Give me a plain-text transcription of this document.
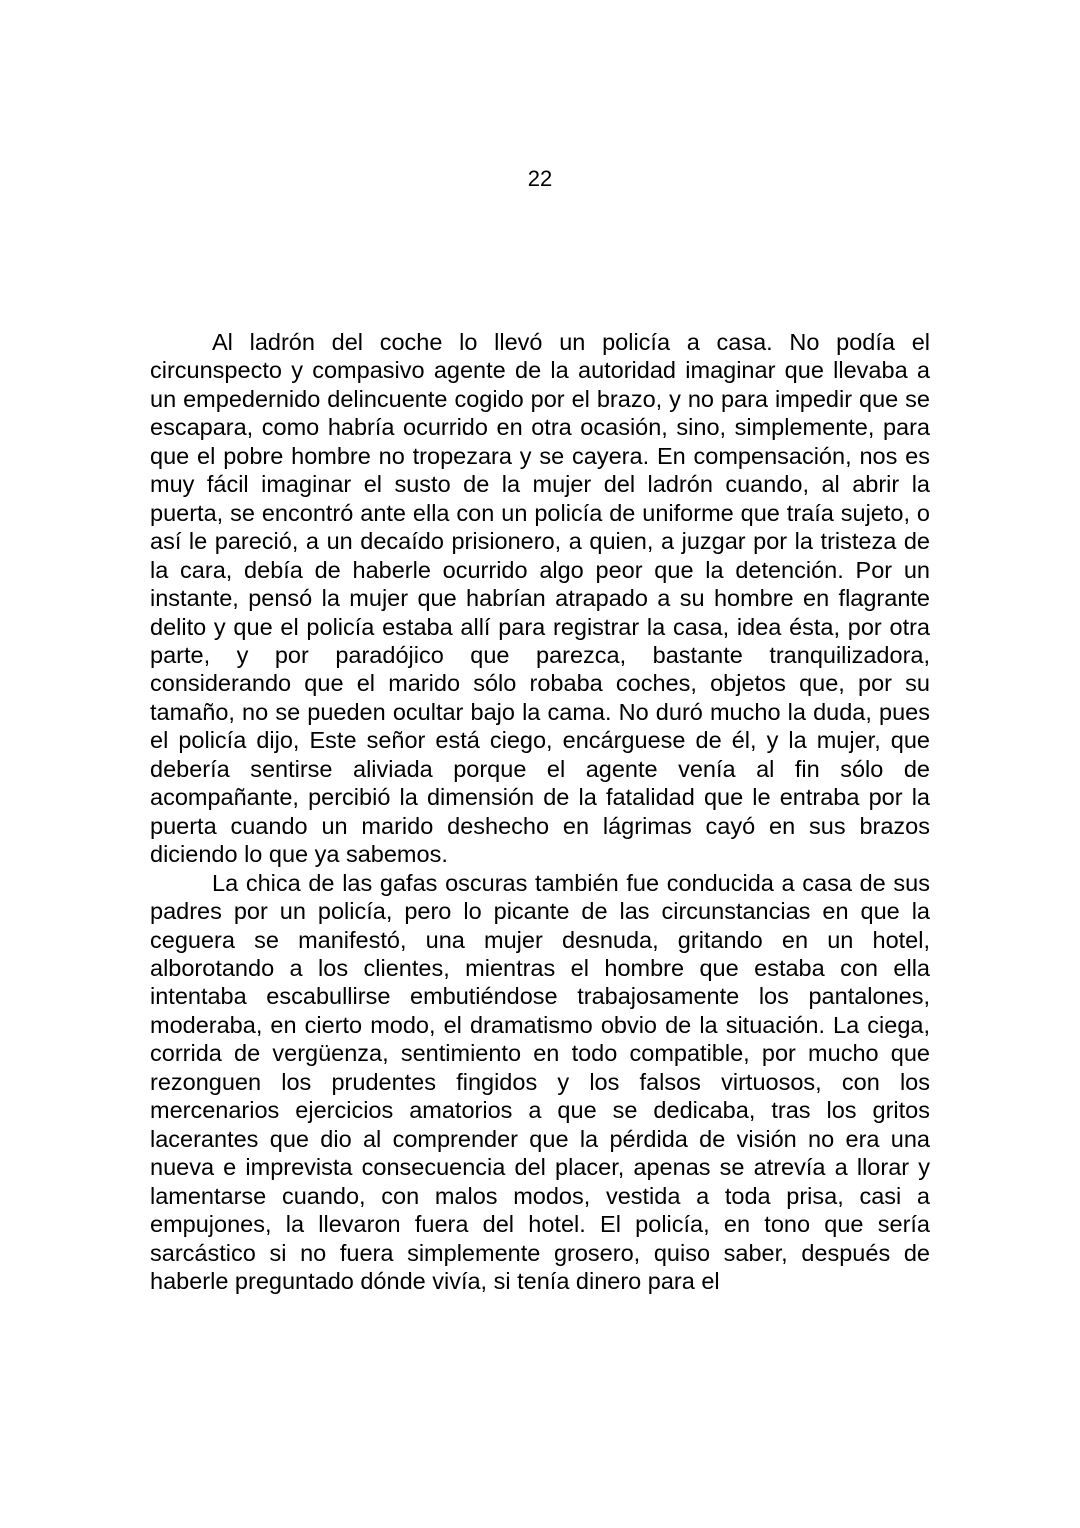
22

Al ladrón del coche lo llevó un policía a casa. No podía el circunspecto y compasivo agente de la autoridad imaginar que llevaba a un empedernido delincuente cogido por el brazo, y no para impedir que se escapara, como habría ocurrido en otra ocasión, sino, simplemente, para que el pobre hombre no tropezara y se cayera. En compensación, nos es muy fácil imaginar el susto de la mujer del ladrón cuando, al abrir la puerta, se encontró ante ella con un policía de uniforme que traía sujeto, o así le pareció, a un decaído prisionero, a quien, a juzgar por la tristeza de la cara, debía de haberle ocurrido algo peor que la detención. Por un instante, pensó la mujer que habrían atrapado a su hombre en flagrante delito y que el policía estaba allí para registrar la casa, idea ésta, por otra parte, y por paradójico que parezca, bastante tranquilizadora, considerando que el marido sólo robaba coches, objetos que, por su tamaño, no se pueden ocultar bajo la cama. No duró mucho la duda, pues el policía dijo, Este señor está ciego, encárguese de él, y la mujer, que debería sentirse aliviada porque el agente venía al fin sólo de acompañante, percibió la dimensión de la fatalidad que le entraba por la puerta cuando un marido deshecho en lágrimas cayó en sus brazos diciendo lo que ya sabemos.

La chica de las gafas oscuras también fue conducida a casa de sus padres por un policía, pero lo picante de las circunstancias en que la ceguera se manifestó, una mujer desnuda, gritando en un hotel, alborotando a los clientes, mientras el hombre que estaba con ella intentaba escabullirse embutiéndose trabajosamente los pantalones, moderaba, en cierto modo, el dramatismo obvio de la situación. La ciega, corrida de vergüenza, sentimiento en todo compatible, por mucho que rezonguen los prudentes fingidos y los falsos virtuosos, con los mercenarios ejercicios amatorios a que se dedicaba, tras los gritos lacerantes que dio al comprender que la pérdida de visión no era una nueva e imprevista consecuencia del placer, apenas se atrevía a llorar y lamentarse cuando, con malos modos, vestida a toda prisa, casi a empujones, la llevaron fuera del hotel. El policía, en tono que sería sarcástico si no fuera simplemente grosero, quiso saber, después de haberle preguntado dónde vivía, si tenía dinero para el
